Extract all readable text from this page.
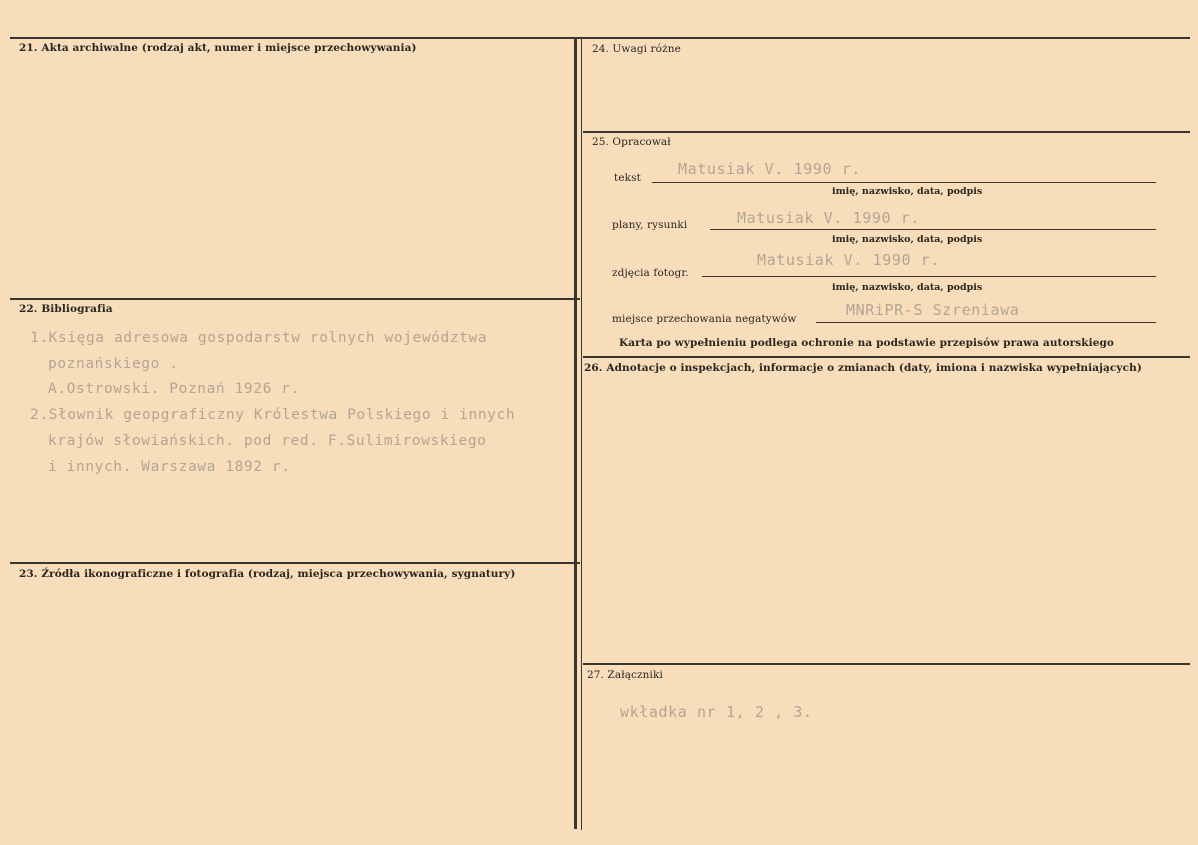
21. Akta archiwalne (rodzaj akt, numer i miejsce przechowywania)
22. Bibliografia
1.Księga adresowa gospodarstw rolnych województwa
poznańskiego .
A.Ostrowski. Poznań 1926 r.
2.Słownik geopgraficzny Królestwa Polskiego i innych
krajów słowiańskich. pod red. F.Sulimirowskiego
i innych. Warszawa 1892 r.
23. Źródła ikonograficzne i fotografia (rodzaj, miejsca przechowywania, sygnatury)
24. Uwagi różne
25. Opracował
tekst Matusiak V. 1990 r.
imię, nazwisko, data, podpis
plany, rysunki	Matusiak V. 1990 r.
imię, nazwisko, data, podpis
zdjęcia fotogr.
Matusiak V. 1990 r.
imię, nazwisko, data, podpis
miejsce przechowania negatywów	MNRiPR-S Szreniawa
Karta po wypełnieniu podlega ochronie na podstawie przepisów prawa autorskiego
26. Adnotacje o inspekcjach, informacje o zmianach (daty, imiona i nazwiska wypełniających)
27. Załączniki
wkładka nr 1, 2 , 3.
